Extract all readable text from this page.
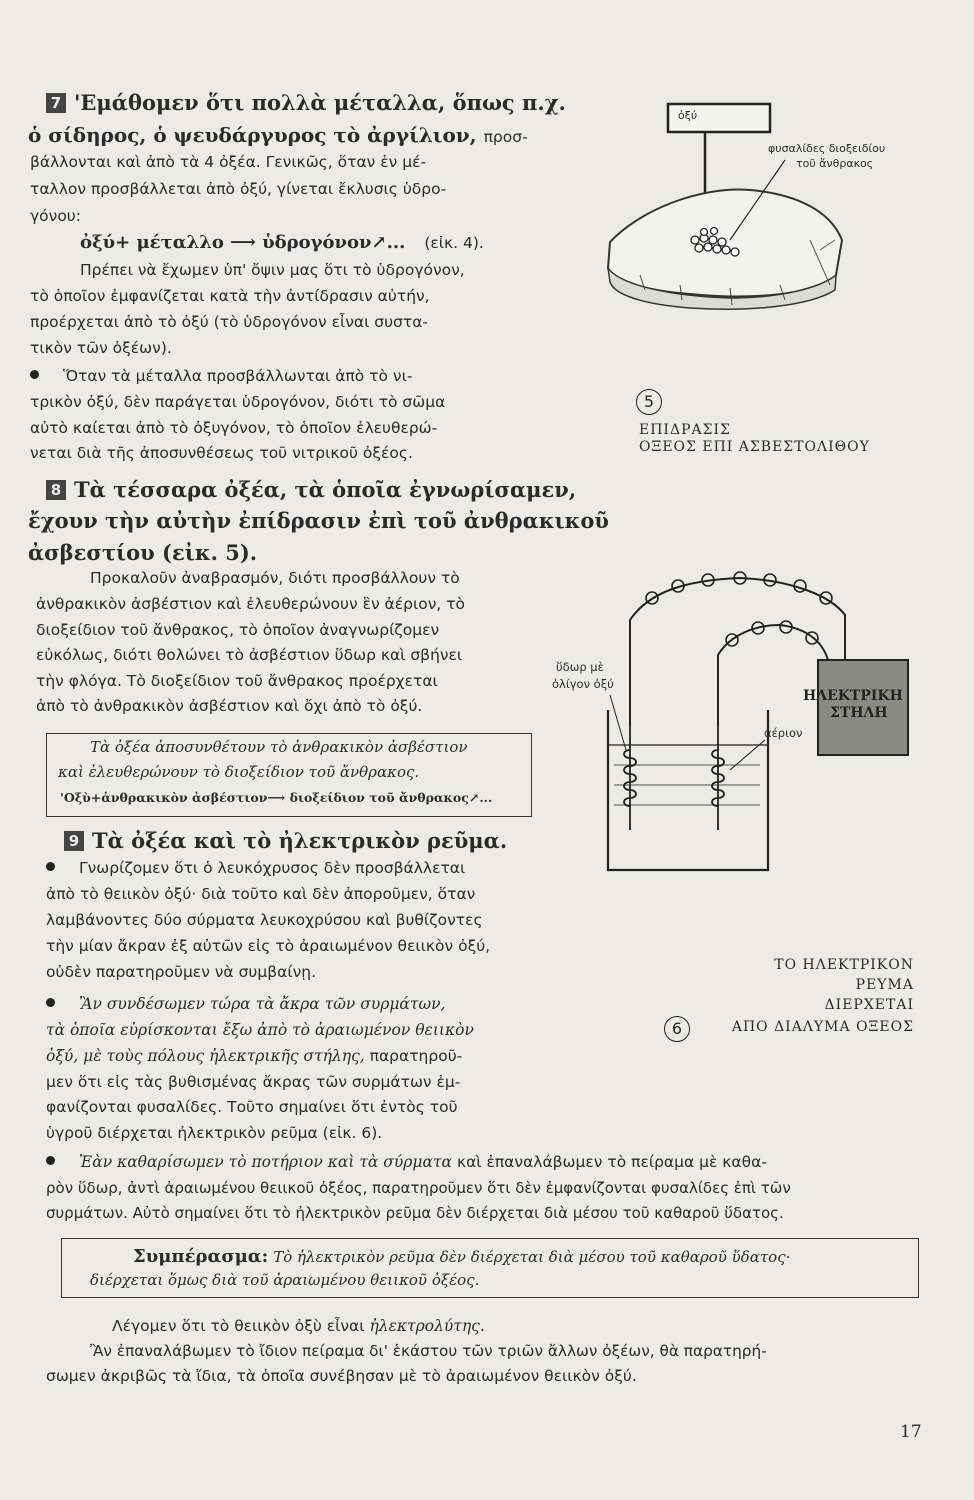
7 'Εμάθομεν ὅτι πολλὰ μέταλλα, ὅπως π.χ.
ὁ σίδηρος, ὁ ψευδάργυρος τὸ ἀργίλιον, προσ-
βάλλονται καὶ ἀπὸ τὰ 4 ὀξέα. Γενικῶς, ὅταν ἐν μέ-
ταλλον προσβάλλεται ἀπὸ ὀξύ, γίνεται ἔκλυσις ὑδρο-
γόνου:
ὀξύ+ μέταλλο ⟶ ὑδρογόνον↗... (εἰκ. 4).
Πρέπει νὰ ἔχωμεν ὑπ' ὄψιν μας ὅτι τὸ ὑδρογόνον,
τὸ ὁποῖον ἐμφανίζεται κατὰ τὴν ἀντίδρασιν αὐτήν,
προέρχεται ἀπὸ τὸ ὀξύ (τὸ ὑδρογόνον εἶναι συστα-
τικὸν τῶν ὀξέων).
Ὅταν τὰ μέταλλα προσβάλλωνται ἀπὸ τὸ νι-
τρικὸν ὀξύ, δὲν παράγεται ὑδρογόνον, διότι τὸ σῶμα
αὐτὸ καίεται ἀπὸ τὸ ὀξυγόνον, τὸ ὁποῖον ἐλευθερώ-
νεται διὰ τῆς ἀποσυνθέσεως τοῦ νιτρικοῦ ὀξέος.
8 Τὰ τέσσαρα ὀξέα, τὰ ὁποῖα ἐγνωρίσαμεν,
ἔχουν τὴν αὐτὴν ἐπίδρασιν ἐπὶ τοῦ ἀνθρακικοῦ
ἀσβεστίου (εἰκ. 5).
Προκαλοῦν ἀναβρασμόν, διότι προσβάλλουν τὸ
ἀνθρακικὸν ἀσβέστιον καὶ ἐλευθερώνουν ἓν ἀέριον, τὸ
διοξείδιον τοῦ ἄνθρακος, τὸ ὁποῖον ἀναγνωρίζομεν
εὐκόλως, διότι θολώνει τὸ ἀσβέστιον ὕδωρ καὶ σβήνει
τὴν φλόγα. Τὸ διοξείδιον τοῦ ἄνθρακος προέρχεται
ἀπὸ τὸ ἀνθρακικὸν ἀσβέστιον καὶ ὄχι ἀπὸ τὸ ὀξύ.
Τὰ ὀξέα ἀποσυνθέτουν τὸ ἀνθρακικὸν ἀσβέστιον
καὶ ἐλευθερώνουν τὸ διοξείδιον τοῦ ἄνθρακος.
'Οξὺ+ἀνθρακικὸν ἀσβέστιον⟶ διοξείδιον τοῦ ἄνθρακος↗...
9 Τὰ ὀξέα καὶ τὸ ἠλεκτρικὸν ρεῦμα.
Γνωρίζομεν ὅτι ὁ λευκόχρυσος δὲν προσβάλλεται
ἀπὸ τὸ θειικὸν ὀξύ· διὰ τοῦτο καὶ δὲν ἀποροῦμεν, ὅταν
λαμβάνοντες δύο σύρματα λευκοχρύσου καὶ βυθίζοντες
τὴν μίαν ἄκραν ἐξ αὐτῶν εἰς τὸ ἀραιωμένον θειικὸν ὀξύ,
οὐδὲν παρατηροῦμεν νὰ συμβαίνῃ.
Ἂν συνδέσωμεν τώρα τὰ ἄκρα τῶν συρμάτων,
τὰ ὁποῖα εὑρίσκονται ἔξω ἀπὸ τὸ ἀραιωμένον θειικὸν
ὀξύ, μὲ τοὺς πόλους ἠλεκτρικῆς στήλης, παρατηροῦ-
μεν ὅτι εἰς τὰς βυθισμένας ἄκρας τῶν συρμάτων ἐμ-
φανίζονται φυσαλίδες. Τοῦτο σημαίνει ὅτι ἐντὸς τοῦ
ὑγροῦ διέρχεται ἠλεκτρικὸν ρεῦμα (εἰκ. 6).
Ἐὰν καθαρίσωμεν τὸ ποτήριον καὶ τὰ σύρματα καὶ ἐπαναλάβωμεν τὸ πείραμα μὲ καθα-
ρὸν ὕδωρ, ἀντὶ ἀραιωμένου θειικοῦ ὀξέος, παρατηροῦμεν ὅτι δὲν ἐμφανίζονται φυσαλίδες ἐπὶ τῶν
συρμάτων. Αὐτὸ σημαίνει ὅτι τὸ ἠλεκτρικὸν ρεῦμα δὲν διέρχεται διὰ μέσου τοῦ καθαροῦ ὕδατος.
Συμπέρασμα: Τὸ ἠλεκτρικὸν ρεῦμα δὲν διέρχεται διὰ μέσου τοῦ καθαροῦ ὕδατος·
διέρχεται ὅμως διὰ τοῦ ἀραιωμένου θειικοῦ ὀξέος.
Λέγομεν ὅτι τὸ θειικὸν ὀξὺ εἶναι ἠλεκτρολύτης.
Ἂν ἐπαναλάβωμεν τὸ ἴδιον πείραμα δι' ἑκάστου τῶν τριῶν ἄλλων ὀξέων, θὰ παρατηρή-
σωμεν ἀκριβῶς τὰ ἴδια, τὰ ὁποῖα συνέβησαν μὲ τὸ ἀραιωμένον θειικὸν ὀξύ.
17
ὀξύ
φυσαλίδες διοξειδίου
τοῦ ἄνθρακος
5
ΕΠΙΔΡΑΣΙΣ
ΟΞΕΟΣ ΕΠΙ ΑΣΒΕΣΤΟΛΙΘΟΥ
ὕδωρ μὲ
ὀλίγον ὀξύ
ἀέριον
ΗΛΕΚΤΡΙΚΗ
ΣΤΗΛΗ
ΤΟ ΗΛΕΚΤΡΙΚΟΝ
ΡΕΥΜΑ
ΔΙΕΡΧΕΤΑΙ
6	ΑΠΟ ΔΙΑΛΥΜΑ ΟΞΕΟΣ
